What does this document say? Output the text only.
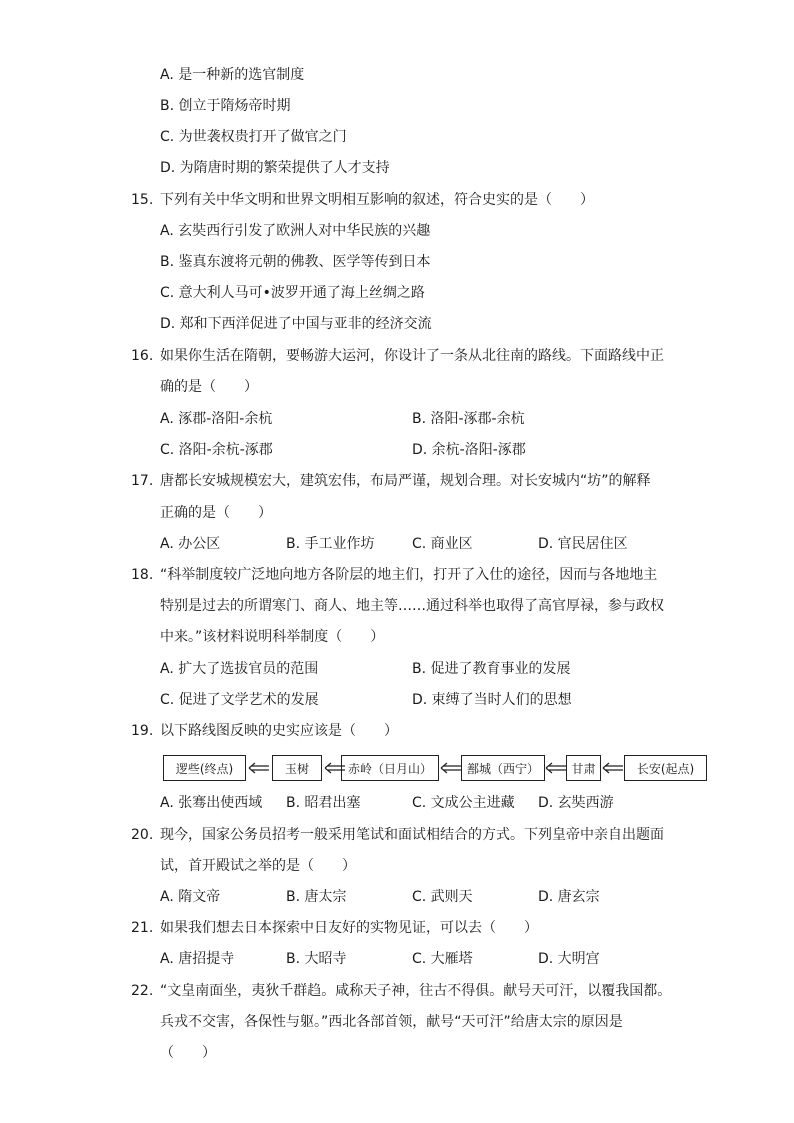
A. 是一种新的选官制度
B. 创立于隋炀帝时期
C. 为世袭权贵打开了做官之门
D. 为隋唐时期的繁荣提供了人才支持
15. 下列有关中华文明和世界文明相互影响的叙述，符合史实的是（　　）
A. 玄奘西行引发了欧洲人对中华民族的兴趣
B. 鉴真东渡将元朝的佛教、医学等传到日本
C. 意大利人马可•波罗开通了海上丝绸之路
D. 郑和下西洋促进了中国与亚非的经济交流
16. 如果你生活在隋朝，要畅游大运河，你设计了一条从北往南的路线。下面路线中正
确的是（　　）
A. 涿郡-洛阳-余杭	B. 洛阳-涿郡-余杭
C. 洛阳-余杭-涿郡	D. 余杭-洛阳-涿郡
17. 唐都长安城规模宏大，建筑宏伟，布局严谨，规划合理。对长安城内“坊”的解释
正确的是（　　）
A. 办公区	B. 手工业作坊	C. 商业区	D. 官民居住区
18. “科举制度较广泛地向地方各阶层的地主们，打开了入仕的途径，因而与各地地主
特别是过去的所谓寒门、商人、地主等……通过科举也取得了高官厚禄，参与政权
中来。”该材料说明科举制度（　　）
A. 扩大了选拔官员的范围	B. 促进了教育事业的发展
C. 促进了文学艺术的发展	D. 束缚了当时人们的思想
19. 以下路线图反映的史实应该是（　　）
逻些(终点)	玉树	赤岭（日月山）	鄯城（西宁）	甘肃	长安(起点)
A. 张骞出使西域 B. 昭君出塞	C. 文成公主进藏 D. 玄奘西游
20. 现今，国家公务员招考一般采用笔试和面试相结合的方式。下列皇帝中亲自出题面
试，首开殿试之举的是（　　）
A. 隋文帝	B. 唐太宗	C. 武则天	D. 唐玄宗
21. 如果我们想去日本探索中日友好的实物见证，可以去（　　）
A. 唐招提寺	B. 大昭寺	C. 大雁塔	D. 大明宫
22. “文皇南面坐，夷狄千群趋。咸称天子神，往古不得俱。献号天可汗，以覆我国都。
兵戎不交害，各保性与躯。”西北各部首领，献号“天可汗”给唐太宗的原因是
（　　）
